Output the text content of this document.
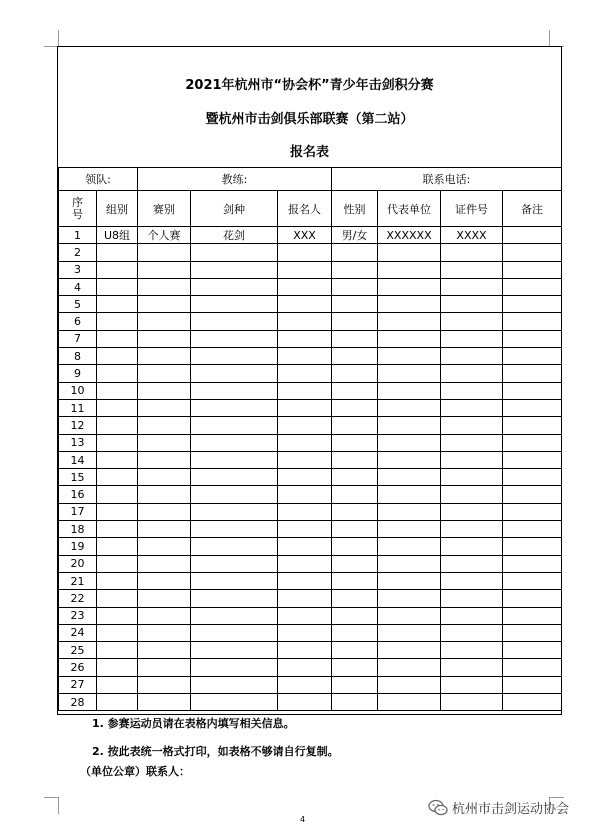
2021年杭州市“协会杯”青少年击剑积分赛
暨杭州市击剑俱乐部联赛（第二站）
报名表
领队:		教练:			联系电话:			
序
号	组别	赛别	剑种	报名人	性别	代表单位	证件号	备注
1	U8组	个人赛	花剑	XXX	男/女	XXXXXX	XXXX	
2								
3								
4								
5								
6								
7								
8								
9								
10								
11								
12								
13								
14								
15								
16								
17								
18								
19								
20								
21								
22								
23								
24								
25								
26								
27								
28								
1. 参赛运动员请在表格内填写相关信息。
2. 按此表统一格式打印，如表格不够请自行复制。
（单位公章）联系人：
4
杭州市击剑运动协会
